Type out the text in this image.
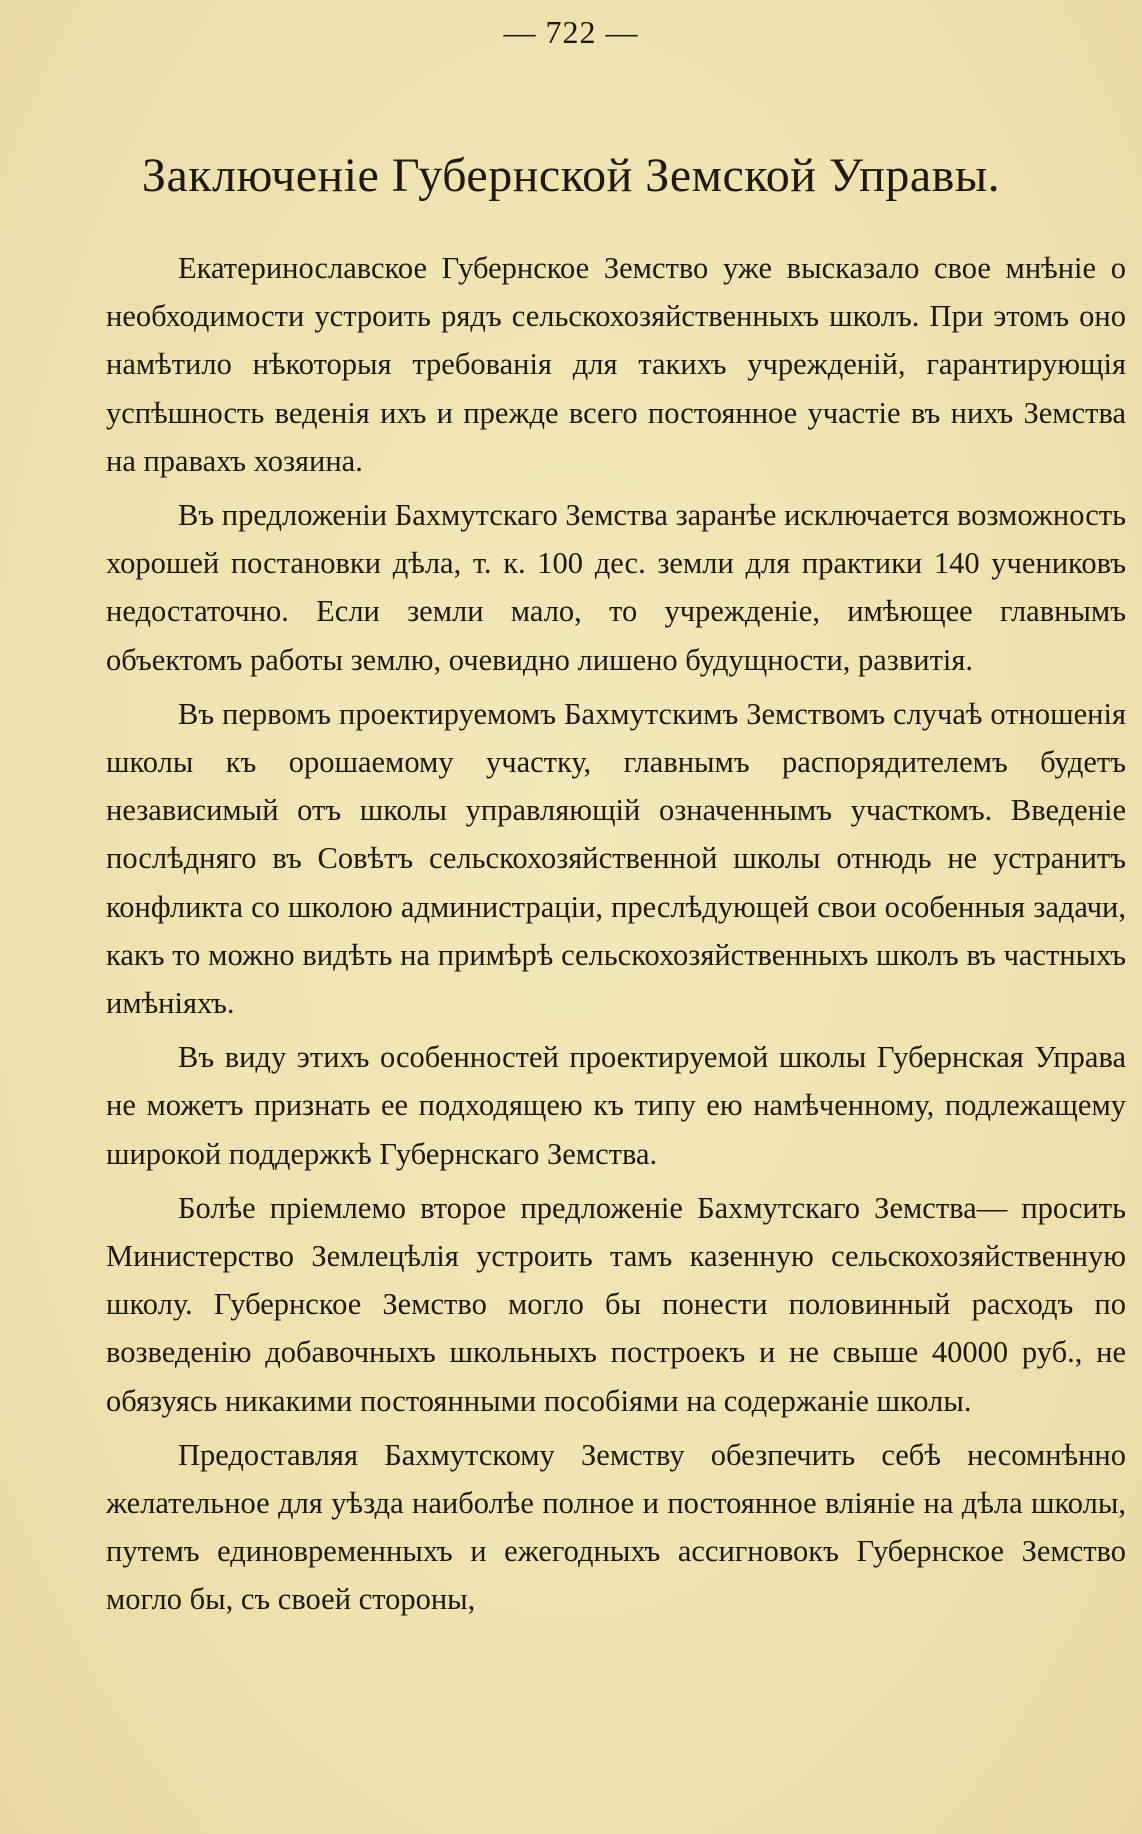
— 722 —
Заключеніе Губернской Земской Управы.

Екатеринославское Губернское Земство уже высказало свое мнѣніе о необходимости устроить рядъ сельскохозяйственныхъ школъ. При этомъ оно намѣтило нѣкоторыя требованія для такихъ учрежденій, гарантирующія успѣшность веденія ихъ и прежде всего постоянное участіе въ нихъ Земства на правахъ хозяина.

Въ предложеніи Бахмутскаго Земства заранѣе исключается возможность хорошей постановки дѣла, т. к. 100 дес. земли для практики 140 учениковъ недостаточно. Если земли мало, то учрежденіе, имѣющее главнымъ объектомъ работы землю, очевидно лишено будущности, развитія.

Въ первомъ проектируемомъ Бахмутскимъ Земствомъ случаѣ отношенія школы къ орошаемому участку, главнымъ распорядителемъ будетъ независимый отъ школы управляющій означеннымъ участкомъ. Введеніе послѣдняго въ Совѣтъ сельскохозяйственной школы отнюдь не устранитъ конфликта со школою администраціи, преслѣдующей свои особенныя задачи, какъ то можно видѣть на примѣрѣ сельскохозяйственныхъ школъ въ частныхъ имѣніяхъ.

Въ виду этихъ особенностей проектируемой школы Губернская Управа не можетъ признать ее подходящею къ типу ею намѣченному, подлежащему широкой поддержкѣ Губернскаго Земства.

Болѣе пріемлемо второе предложеніе Бахмутскаго Земства— просить Министерство Землецѣлія устроить тамъ казенную сельскохозяйственную школу. Губернское Земство могло бы понести половинный расходъ по возведенію добавочныхъ школьныхъ построекъ и не свыше 40000 руб., не обязуясь никакими постоянными пособіями на содержаніе школы.

Предоставляя Бахмутскому Земству обезпечить себѣ несомнѣнно желательное для уѣзда наиболѣе полное и постоянное вліяніе на дѣла школы, путемъ единовременныхъ и ежегодныхъ ассигновокъ Губернское Земство могло бы, съ своей стороны,
